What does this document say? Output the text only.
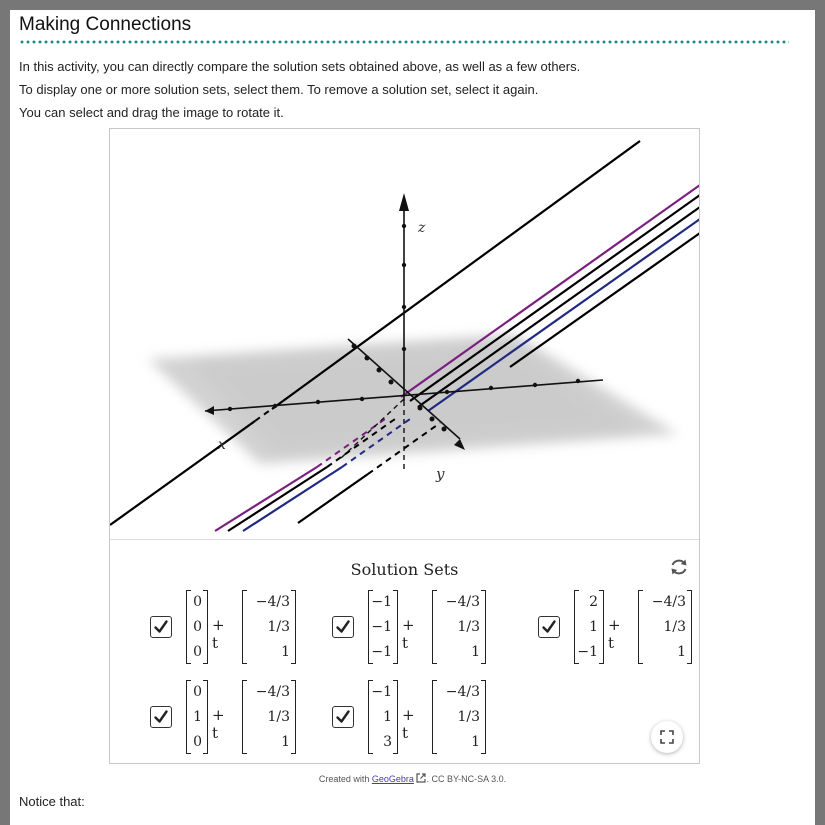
Making Connections
In this activity, you can directly compare the solution sets obtained above, as well as a few others.
To display one or more solution sets, select them. To remove a solution set, select it again.
You can select and drag the image to rotate it.
z
y
x
Solution Sets
0
0
0
+ t
−4/3
1/3
1
−1
−1
−1
+ t
−4/3
1/3
1
2
1
−1
+ t
−4/3
1/3
1
0
1
0
+ t
−4/3
1/3
1
−1
1
3
+ t
−4/3
1/3
1
Created with GeoGebra . CC BY-NC-SA 3.0.
Notice that:
